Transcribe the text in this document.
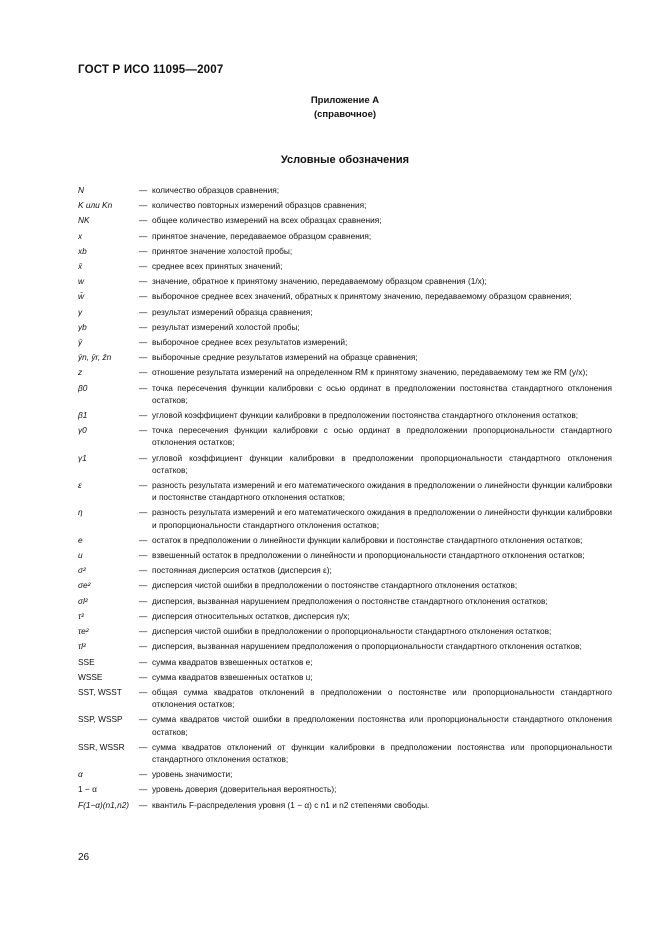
ГОСТ Р ИСО 11095—2007
Приложение А
(справочное)
Условные обозначения
N	— количество образцов сравнения;
K или Kn	— количество повторных измерений образцов сравнения;
NK	— общее количество измерений на всех образцах сравнения;
x	— принятое значение, передаваемое образцом сравнения;
xb	— принятое значение холостой пробы;
x̄	— среднее всех принятых значений;
w	— значение, обратное к принятому значению, передаваемому образцом сравнения (1/x);
w̄	— выборочное среднее всех значений, обратных к принятому значению, передаваемому образцом сравнения;
y	— результат измерений образца сравнения;
yb	— результат измерений холостой пробы;
ȳ	— выборочное среднее всех результатов измерений;
ȳn, ȳr, z̄n	— выборочные средние результатов измерений на образце сравнения;
z	— отношение результата измерений на определенном RM к принятому значению, передаваемому тем же RM (y/x);
β0	— точка пересечения функции калибровки с осью ординат в предположении постоянства стандартного отклонения остатков;
β1	— угловой коэффициент функции калибровки в предположении постоянства стандартного отклонения остатков;
γ0	— точка пересечения функции калибровки с осью ординат в предположении пропорциональности стандартного отклонения остатков;
γ1	— угловой коэффициент функции калибровки в предположении пропорциональности стандартного отклонения остатков;
ε	— разность результата измерений и его математического ожидания в предположении о линейности функции калибровки и постоянстве стандартного отклонения остатков;
η	— разность результата измерений и его математического ожидания в предположении о линейности функции калибровки и пропорциональности стандартного отклонения остатков;
e	— остаток в предположении о линейности функции калибровки и постоянстве стандартного отклонения остатков;
u	— взвешенный остаток в предположении о линейности и пропорциональности стандартного отклонения остатков;
σ²	— постоянная дисперсия остатков (дисперсия ε);
σe²	— дисперсия чистой ошибки в предположении о постоянстве стандартного отклонения остатков;
σl²	— дисперсия, вызванная нарушением предположения о постоянстве стандартного отклонения остатков;
τ²	— дисперсия относительных остатков, дисперсия η/x;
τe²	— дисперсия чистой ошибки в предположении о пропорциональности стандартного отклонения остатков;
τl²	— дисперсия, вызванная нарушением предположения о пропорциональности стандартного отклонения остатков;
SSE	— сумма квадратов взвешенных остатков e;
WSSE	— сумма квадратов взвешенных остатков u;
SST, WSST	— общая сумма квадратов отклонений в предположении о постоянстве или пропорциональности стандартного отклонения остатков;
SSP, WSSP	— сумма квадратов чистой ошибки в предположении постоянства или пропорциональности стандартного отклонения остатков;
SSR, WSSR	— сумма квадратов отклонений от функции калибровки в предположении постоянства или пропорциональности стандартного отклонения остатков;
α	— уровень значимости;
1 − α	— уровень доверия (доверительная вероятность);
F(1−α)(n1,n2)	— квантиль F-распределения уровня (1 − α) с n1 и n2 степенями свободы.
26
